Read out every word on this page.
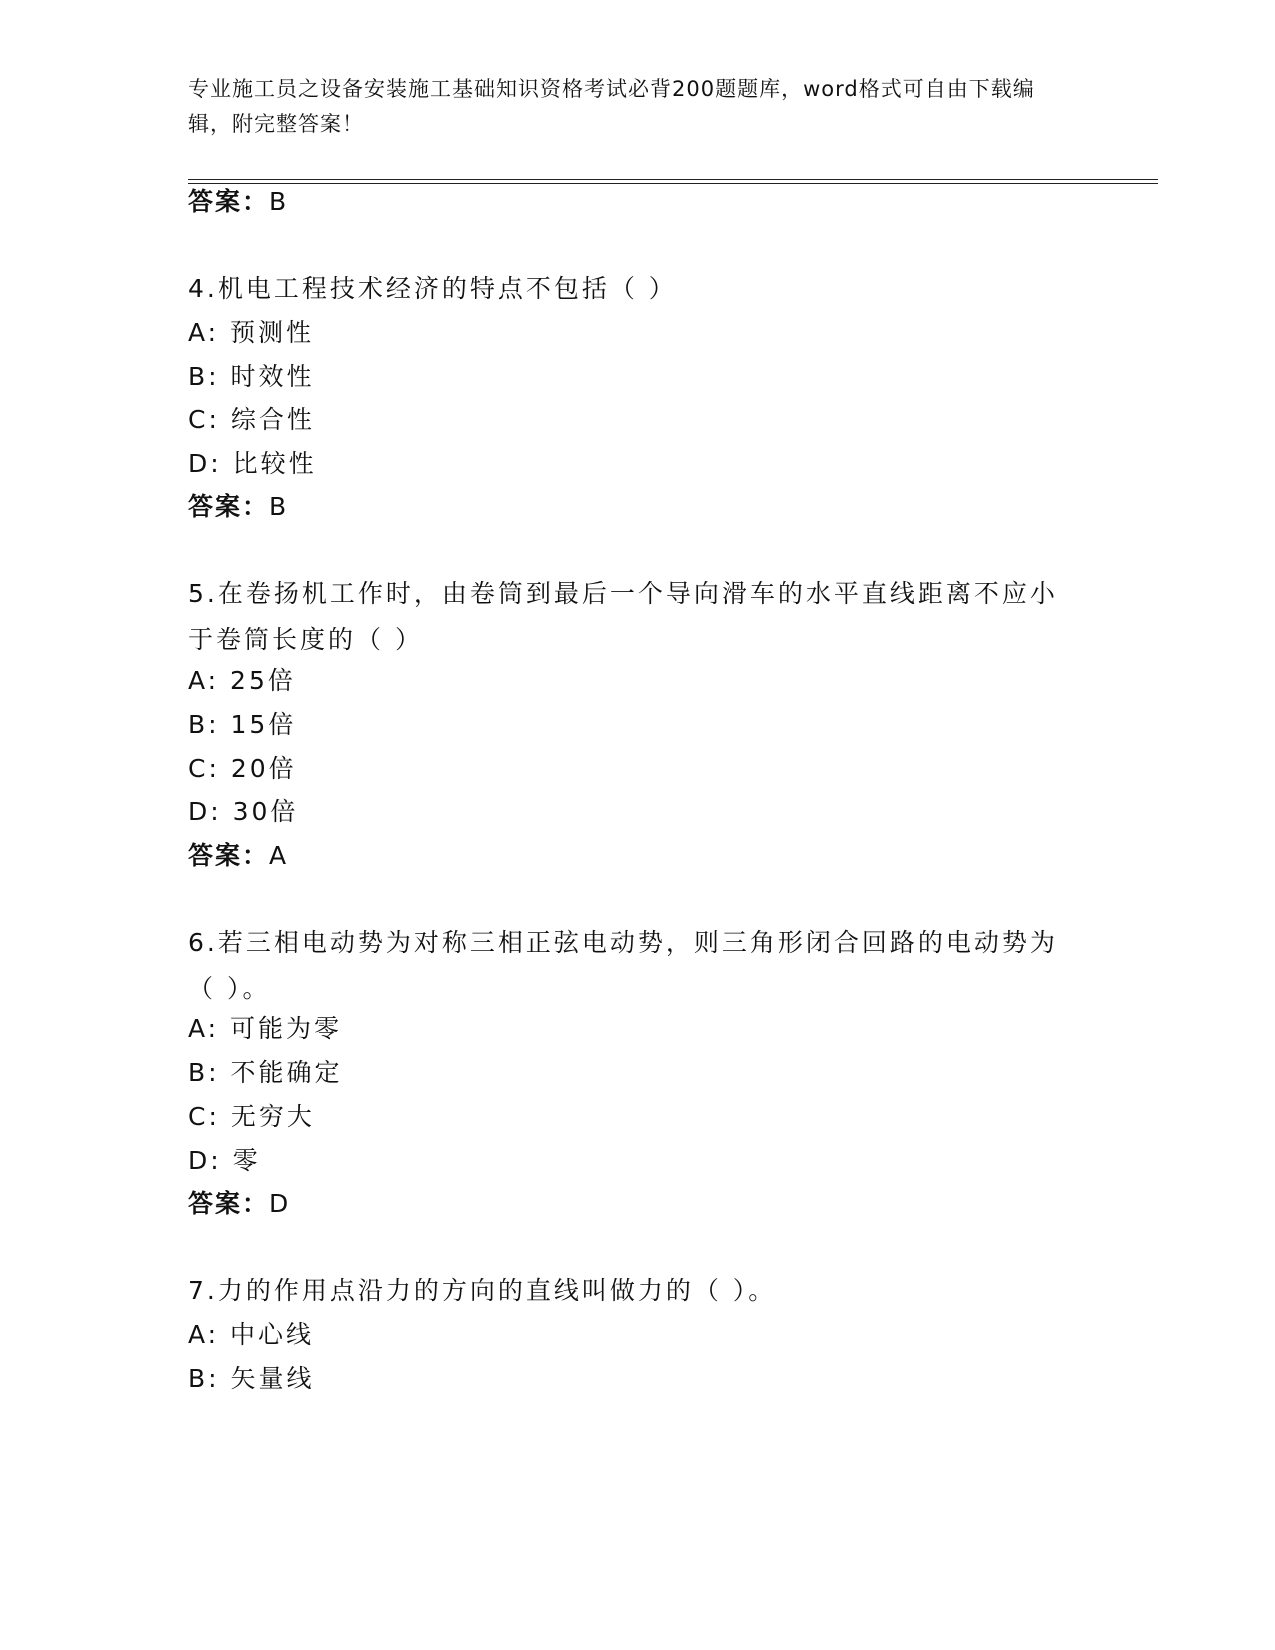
专业施工员之设备安装施工基础知识资格考试必背200题题库，word格式可自由下载编辑，附完整答案！
答案：B
4.机电工程技术经济的特点不包括（ ）
A: 预测性
B: 时效性
C: 综合性
D: 比较性
答案：B
5.在卷扬机工作时，由卷筒到最后一个导向滑车的水平直线距离不应小于卷筒长度的（ ）
A: 25倍
B: 15倍
C: 20倍
D: 30倍
答案：A
6.若三相电动势为对称三相正弦电动势，则三角形闭合回路的电动势为（ ）。
A: 可能为零
B: 不能确定
C: 无穷大
D: 零
答案：D
7.力的作用点沿力的方向的直线叫做力的（ ）。
A: 中心线
B: 矢量线
